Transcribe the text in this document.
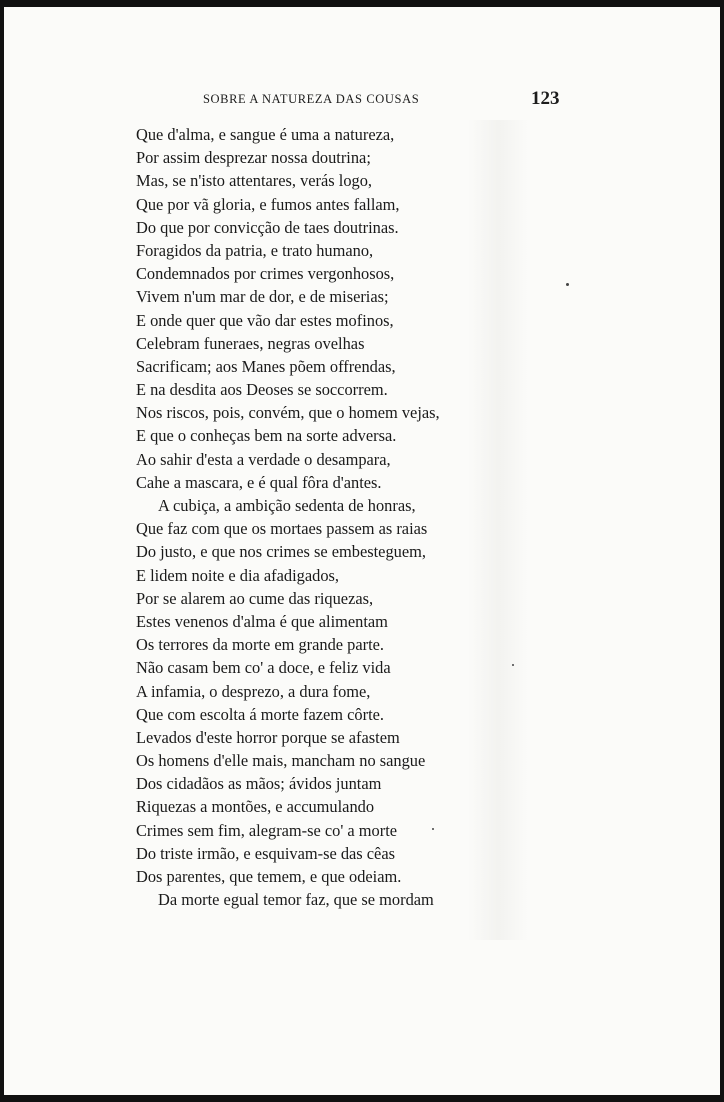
SOBRE A NATUREZA DAS COUSAS	123
Que d'alma, e sangue é uma a natureza,
Por assim desprezar nossa doutrina;
Mas, se n'isto attentares, verás logo,
Que por vã gloria, e fumos antes fallam,
Do que por convicção de taes doutrinas.
Foragidos da patria, e trato humano,
Condemnados por crimes vergonhosos,
Vivem n'um mar de dor, e de miserias;
E onde quer que vão dar estes mofinos,
Celebram funeraes, negras ovelhas
Sacrificam; aos Manes põem offrendas,
E na desdita aos Deoses se soccorrem.
Nos riscos, pois, convém, que o homem vejas,
E que o conheças bem na sorte adversa.
Ao sahir d'esta a verdade o desampara,
Cahe a mascara, e é qual fôra d'antes.
A cubiça, a ambição sedenta de honras,
Que faz com que os mortaes passem as raias
Do justo, e que nos crimes se embesteguem,
E lidem noite e dia afadigados,
Por se alarem ao cume das riquezas,
Estes venenos d'alma é que alimentam
Os terrores da morte em grande parte.
Não casam bem co' a doce, e feliz vida
A infamia, o desprezo, a dura fome,
Que com escolta á morte fazem côrte.
Levados d'este horror porque se afastem
Os homens d'elle mais, mancham no sangue
Dos cidadãos as mãos; ávidos juntam
Riquezas a montões, e accumulando
Crimes sem fim, alegram-se co' a morte
Do triste irmão, e esquivam-se das cêas
Dos parentes, que temem, e que odeiam.
Da morte egual temor faz, que se mordam
